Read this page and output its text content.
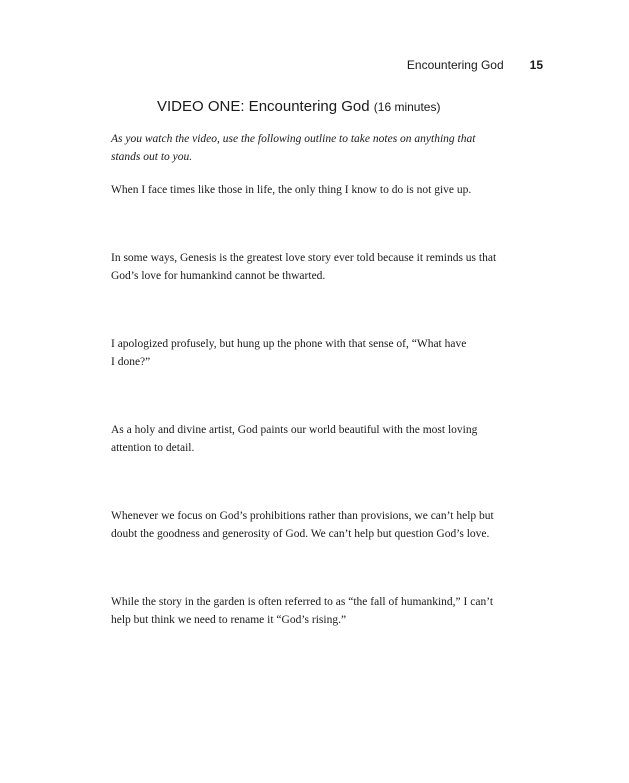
Encountering God 15
VIDEO ONE: Encountering God (16 minutes)
As you watch the video, use the following outline to take notes on anything that
stands out to you.
When I face times like those in life, the only thing I know to do is not give up.
In some ways, Genesis is the greatest love story ever told because it reminds us that
God’s love for humankind cannot be thwarted.
I apologized profusely, but hung up the phone with that sense of, “What have
I done?”
As a holy and divine artist, God paints our world beautiful with the most loving
attention to detail.
Whenever we focus on God’s prohibitions rather than provisions, we can’t help but
doubt the goodness and generosity of God. We can’t help but question God’s love.
While the story in the garden is often referred to as “the fall of humankind,” I can’t
help but think we need to rename it “God’s rising.”
